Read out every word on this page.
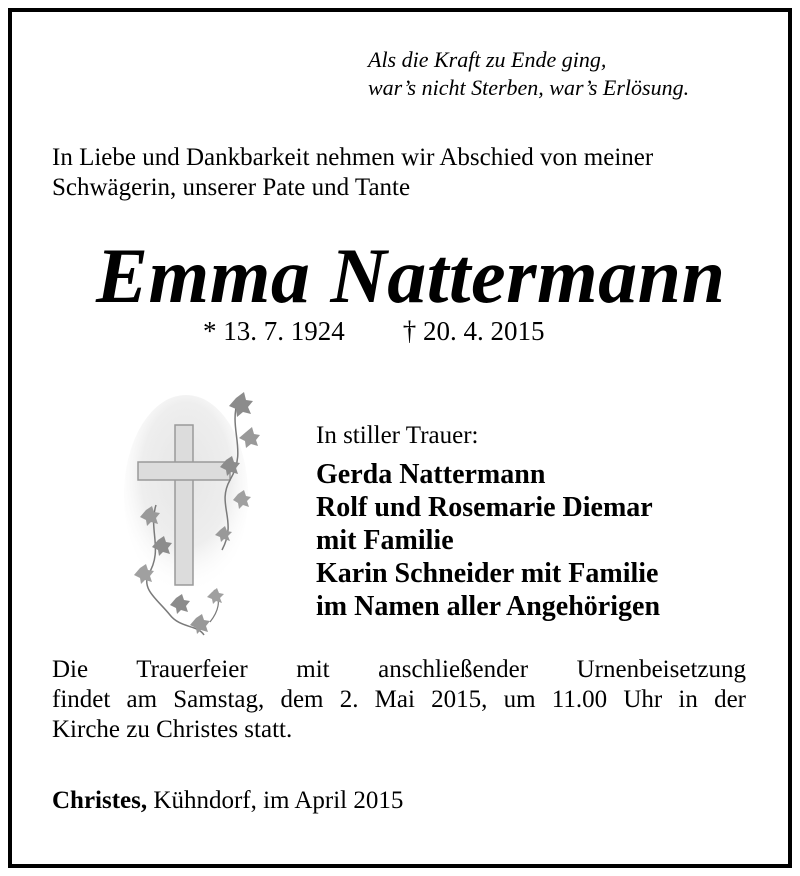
Als die Kraft zu Ende ging,
war’s nicht Sterben, war’s Erlösung.
In Liebe und Dankbarkeit nehmen wir Abschied von meiner
Schwägerin, unserer Pate und Tante
Emma Nattermann
* 13. 7. 1924 † 20. 4. 2015
In stiller Trauer:
Gerda Nattermann
Rolf und Rosemarie Diemar
mit Familie
Karin Schneider mit Familie
im Namen aller Angehörigen
Die Trauerfeier mit anschließender Urnenbeisetzung
findet am Samstag, dem 2. Mai 2015, um 11.00 Uhr in der
Kirche zu Christes statt.
Christes, Kühndorf, im April 2015
